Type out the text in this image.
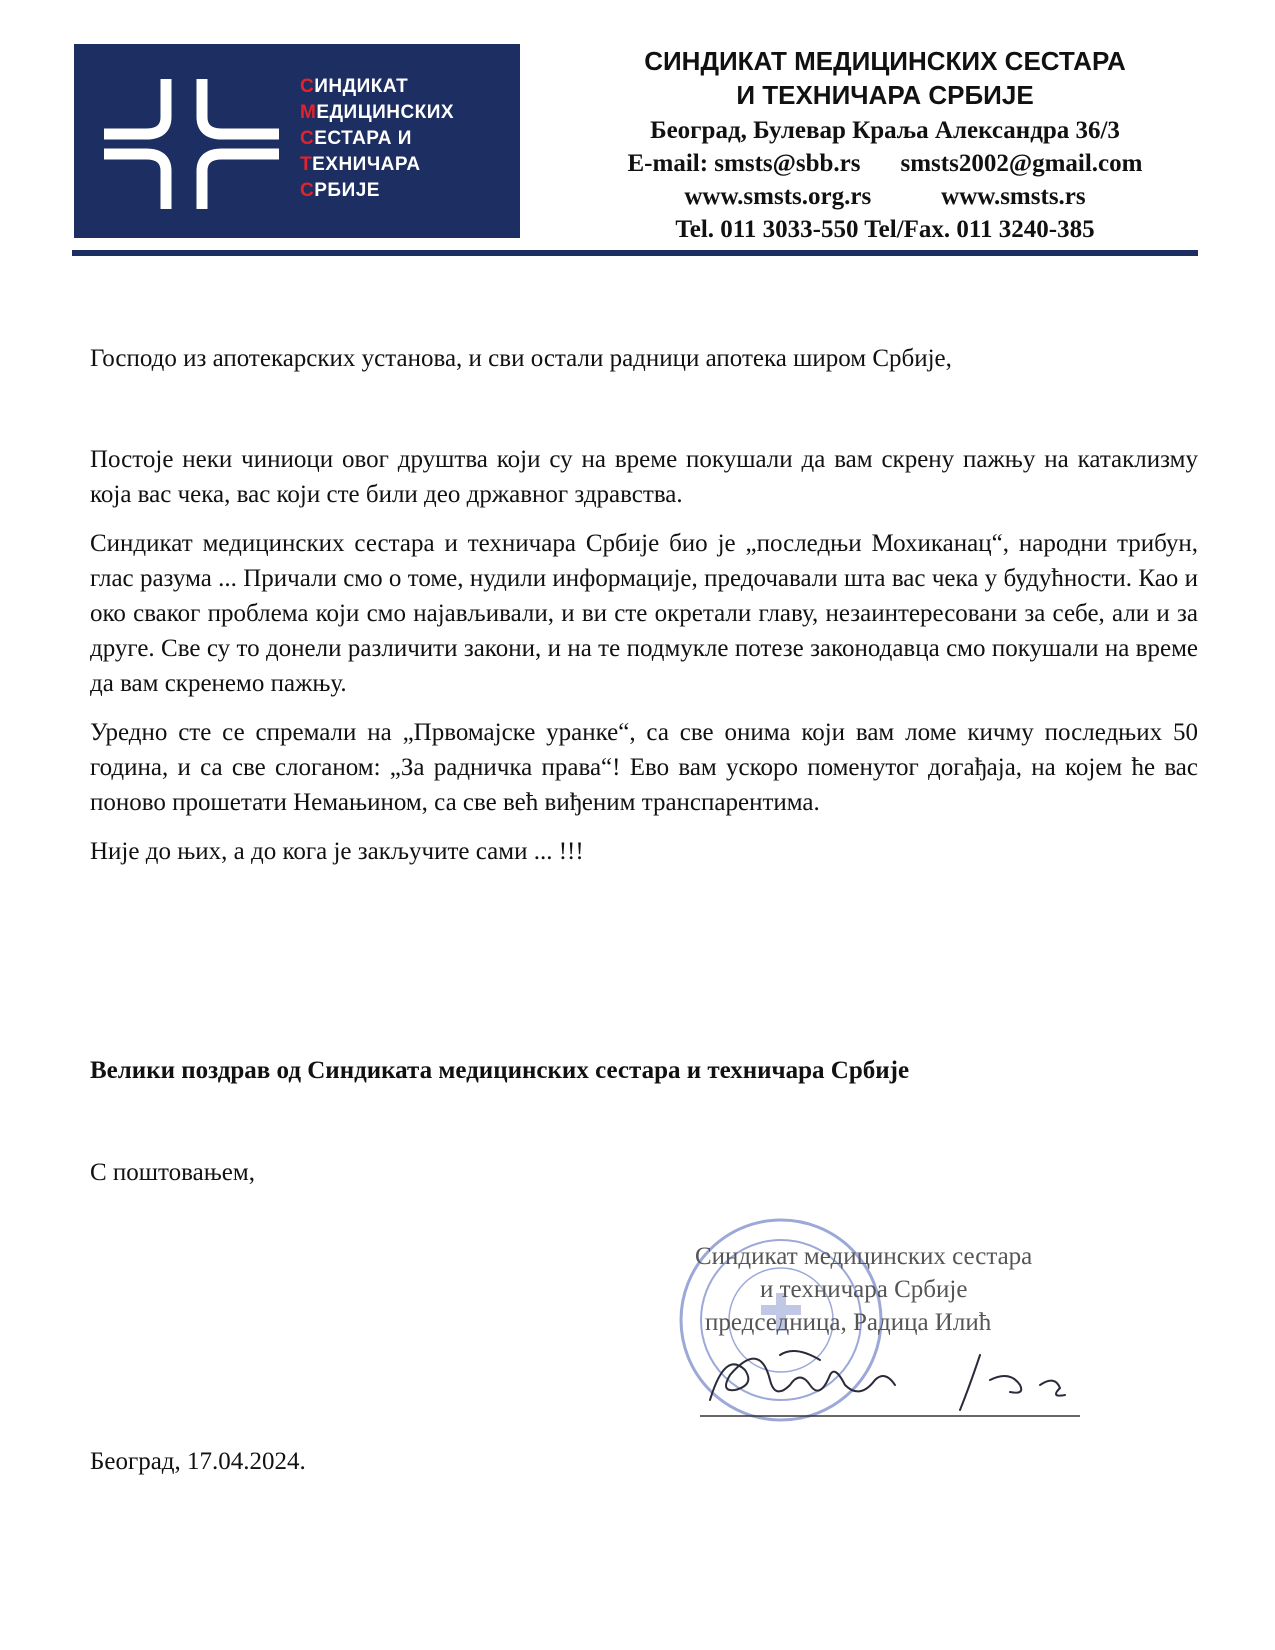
СИНДИКАТ
МЕДИЦИНСКИХ
СЕСТАРА И
ТЕХНИЧАРА
СРБИЈЕ
СИНДИКАТ МЕДИЦИНСКИХ СЕСТАРА
И ТЕХНИЧАРА СРБИЈЕ
Београд, Булевар Краља Александра 36/3
E-mail: smsts@sbb.rs smsts2002@gmail.com
www.smsts.org.rs	www.smsts.rs
Tel. 011 3033-550 Tel/Fax. 011 3240-385
Господо из апотекарских установа, и сви остали радници апотека широм Србије,

Постоје неки чиниоци овог друштва који су на време покушали да вам скрену пажњу на катаклизму која вас чека, вас који сте били део државног здравства.

Синдикат медицинских сестара и техничара Србије био је „последњи Мохиканац“, народни трибун, глас разума ... Причали смо о томе, нудили информације, предочавали шта вас чека у будућности. Као и око сваког проблема који смо најављивали, и ви сте окретали главу, незаинтересовани за себе, али и за друге. Све су то донели различити закони, и на те подмукле потезе законодавца смо покушали на време да вам скренемо пажњу.

Уредно сте се спремали на „Првомајске уранке“, са све онима који вам ломе кичму последњих 50 година, и са све слоганом: „За радничка права“! Ево вам ускоро поменутог догађаја, на којем ће вас поново прошетати Немањином, са све већ виђеним транспарентима.

Није до њих, а до кога је закључите сами ... !!!

Велики поздрав од Синдиката медицинских сестара и техничара Србије
С поштовањем,
Синдикат медицинских сестара
и техничара Србије
председница, Радица Илић
Београд, 17.04.2024.
